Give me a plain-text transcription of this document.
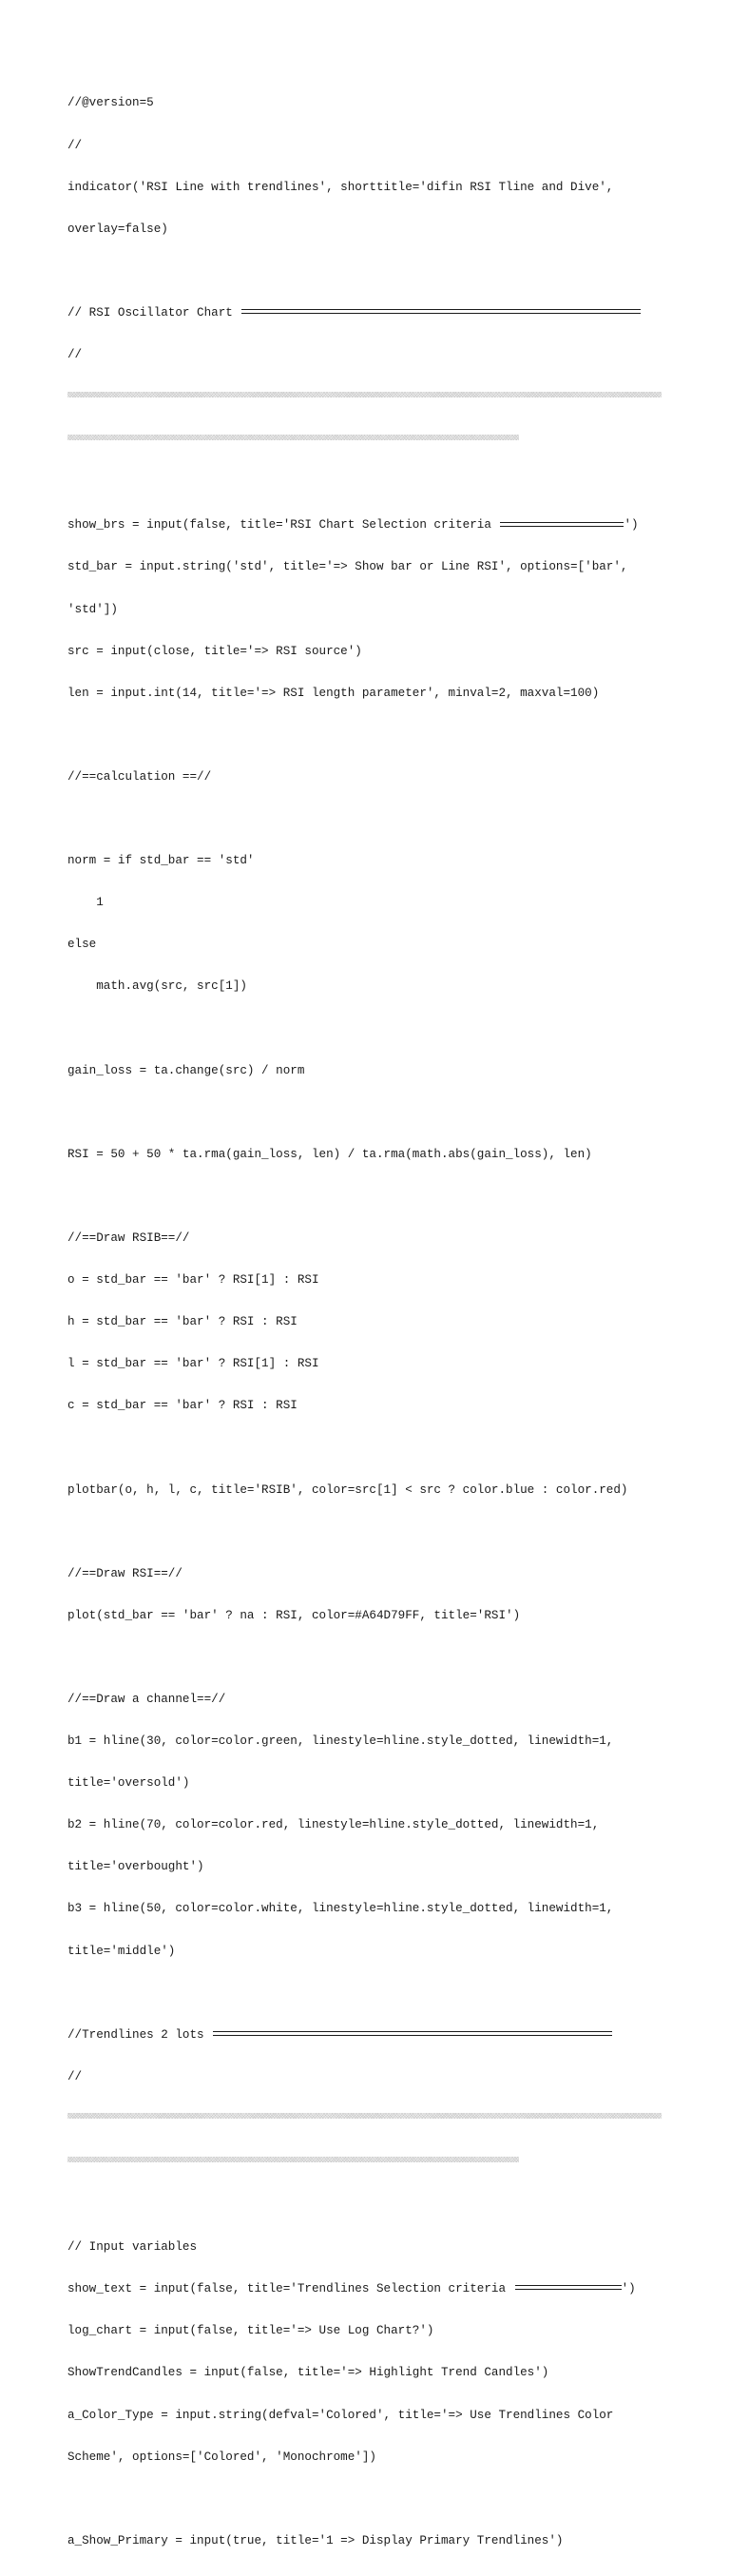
//@version=5

//

indicator('RSI Line with trendlines', shorttitle='difin RSI Tline and Dive',

overlay=false)

// RSI Oscillator Chart

//

show_brs = input(false, title='RSI Chart Selection criteria	')

std_bar = input.string('std', title='=> Show bar or Line RSI', options=['bar',

'std'])

src = input(close, title='=> RSI source')

len = input.int(14, title='=> RSI length parameter', minval=2, maxval=100)

//==calculation ==//

norm = if std_bar == 'std'

1

else

math.avg(src, src[1])

gain_loss = ta.change(src) / norm

RSI = 50 + 50 * ta.rma(gain_loss, len) / ta.rma(math.abs(gain_loss), len)

//==Draw RSIB==//

o = std_bar == 'bar' ? RSI[1] : RSI

h = std_bar == 'bar' ? RSI : RSI

l = std_bar == 'bar' ? RSI[1] : RSI

c = std_bar == 'bar' ? RSI : RSI

plotbar(o, h, l, c, title='RSIB', color=src[1] < src ? color.blue : color.red)

//==Draw RSI==//

plot(std_bar == 'bar' ? na : RSI, color=#A64D79FF, title='RSI')

//==Draw a channel==//

b1 = hline(30, color=color.green, linestyle=hline.style_dotted, linewidth=1,

title='oversold')

b2 = hline(70, color=color.red, linestyle=hline.style_dotted, linewidth=1,

title='overbought')

b3 = hline(50, color=color.white, linestyle=hline.style_dotted, linewidth=1,

title='middle')

//Trendlines 2 lots

//

// Input variables

show_text = input(false, title='Trendlines Selection criteria	')

log_chart = input(false, title='=> Use Log Chart?')

ShowTrendCandles = input(false, title='=> Highlight Trend Candles')

a_Color_Type = input.string(defval='Colored', title='=> Use Trendlines Color

Scheme', options=['Colored', 'Monochrome'])

a_Show_Primary = input(true, title='1 => Display Primary Trendlines')
